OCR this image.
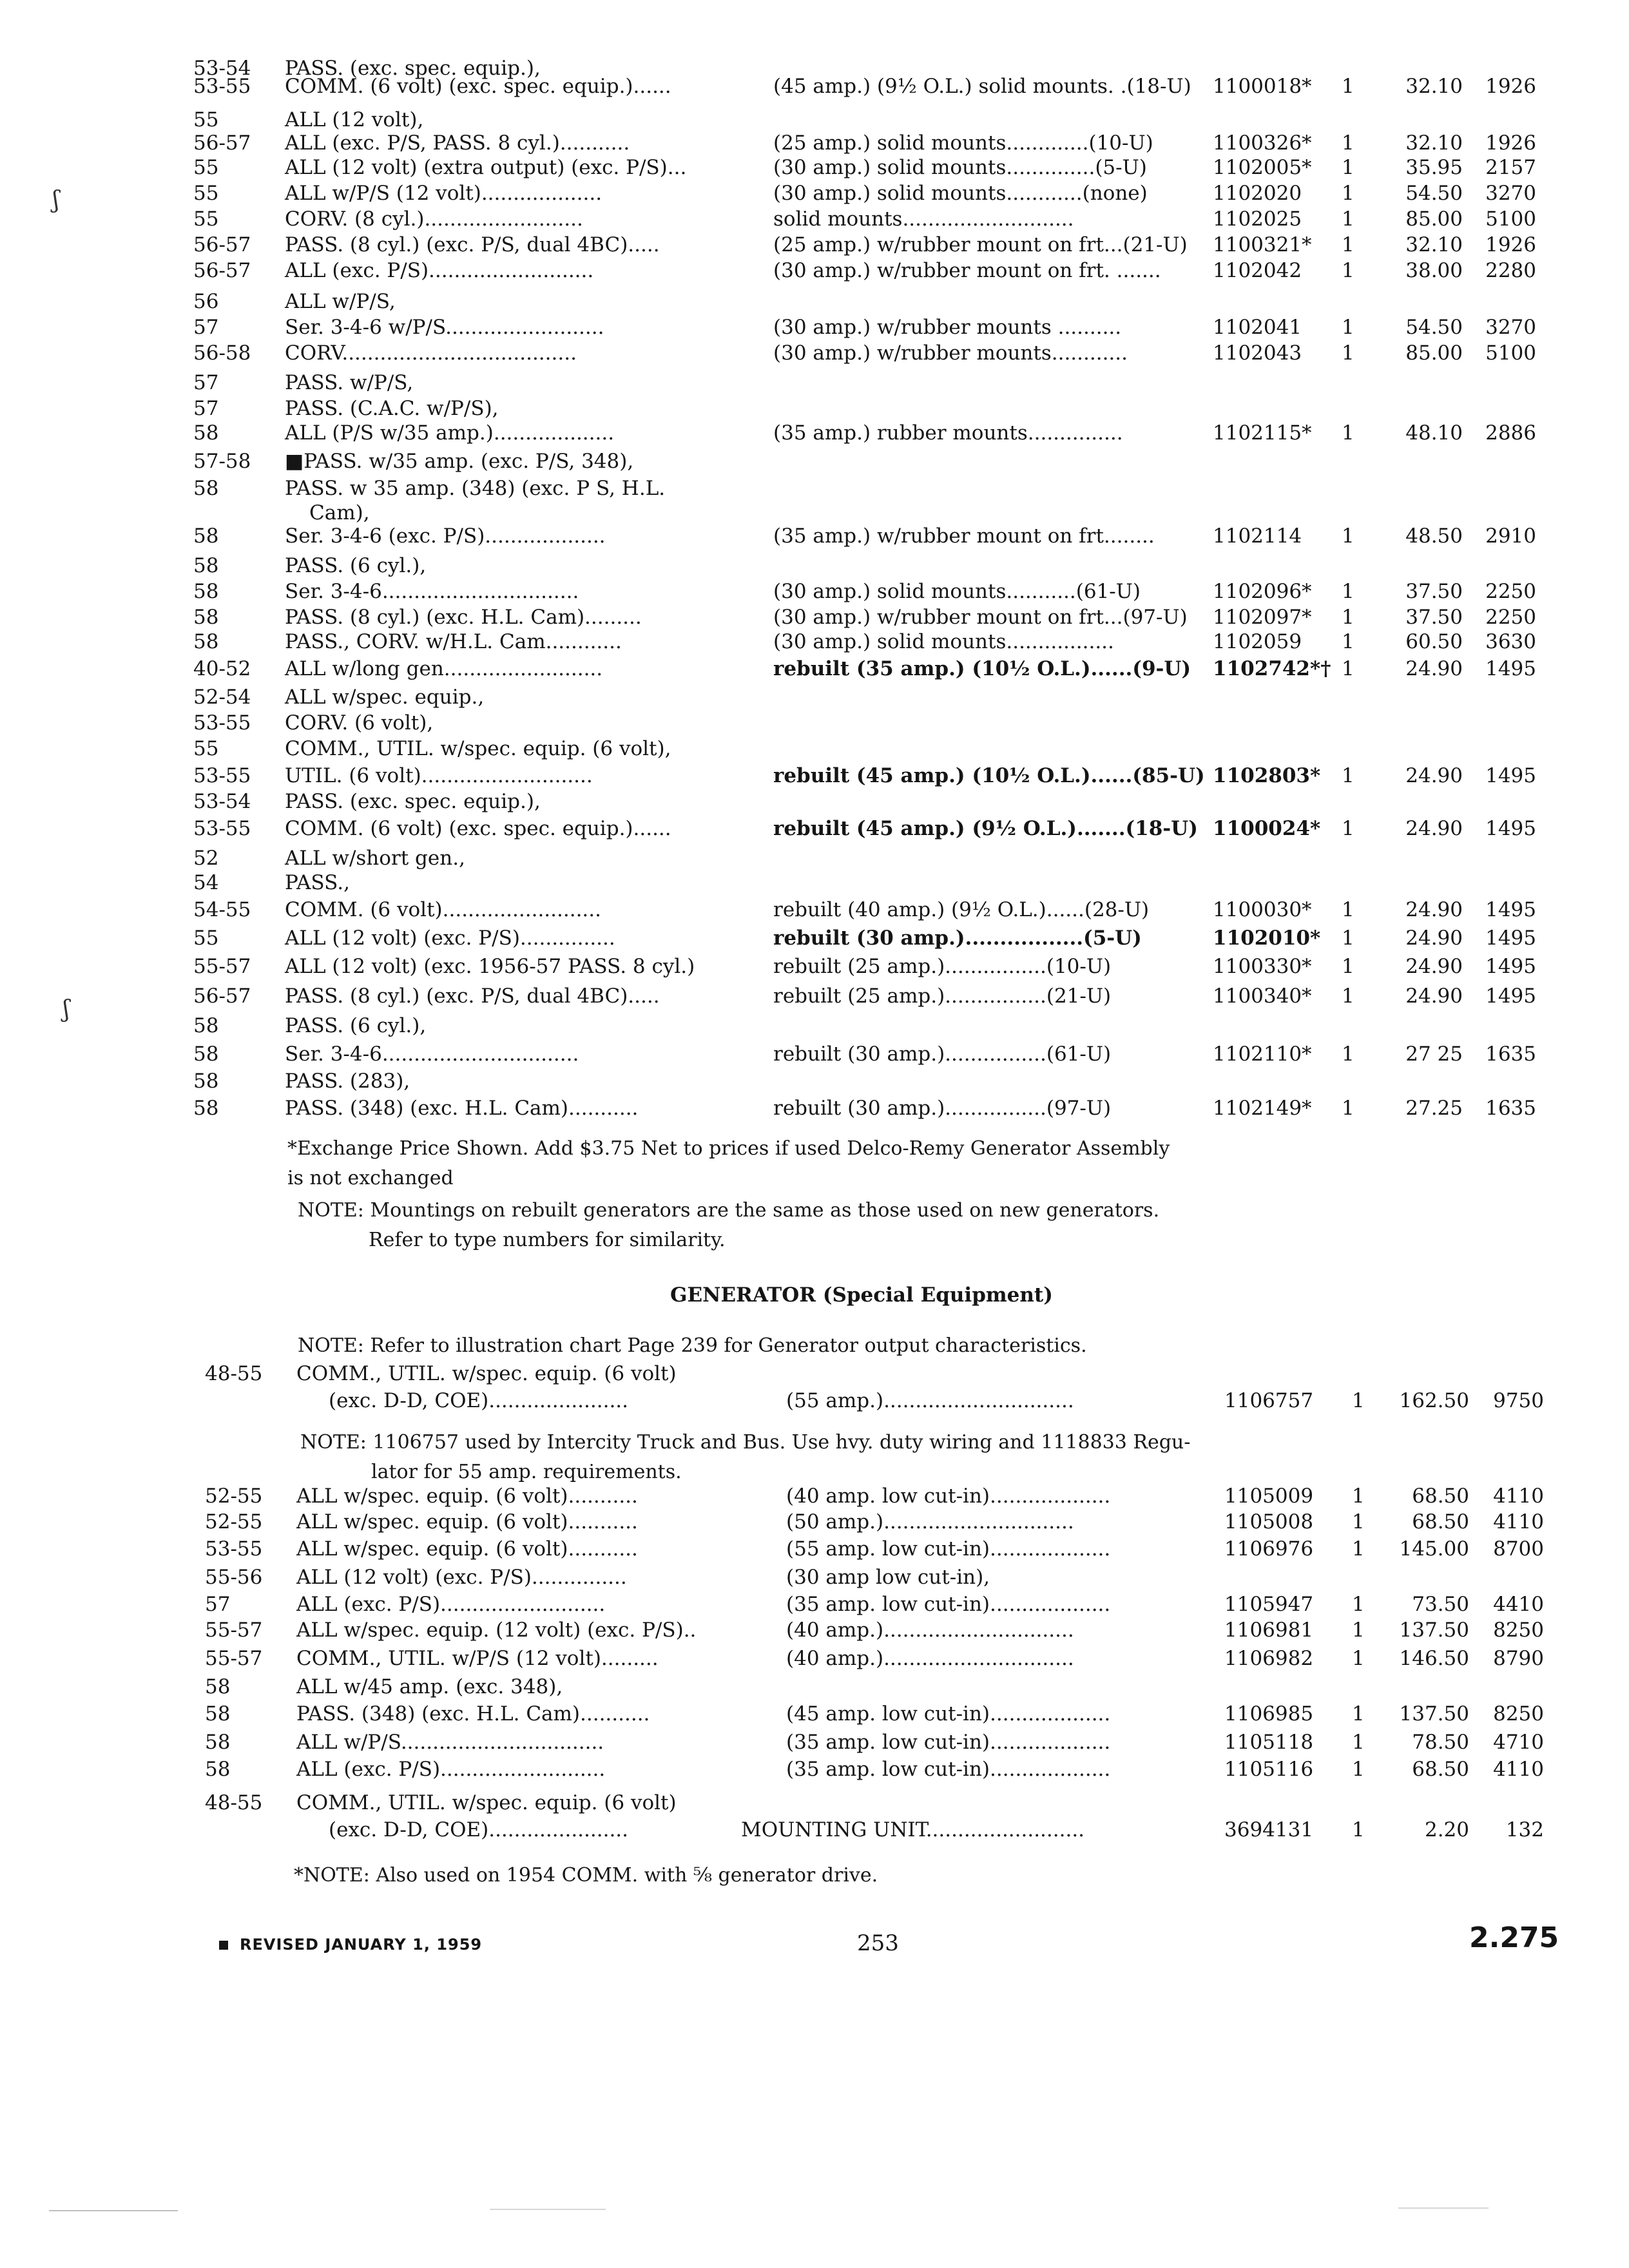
53-54 PASS. (exc. spec. equip.),
53-55 COMM. (6 volt) (exc. spec. equip.)......	(45 amp.) (9½ O.L.) solid mounts. .(18-U) 1100018* 1	32.10	1926
55	ALL (12 volt),
56-57 ALL (exc. P/S, PASS. 8 cyl.)...........	(25 amp.) solid mounts.............(10-U)	1100326* 1	32.10	1926
55	ALL (12 volt) (extra output) (exc. P/S)...	(30 amp.) solid mounts..............(5-U)	1102005* 1	35.95	2157
55	ALL w/P/S (12 volt)...................	(30 amp.) solid mounts............(none)	1102020 1	54.50	3270
55	CORV. (8 cyl.).........................	solid mounts...........................	1102025 1	85.00	5100
56-57 PASS. (8 cyl.) (exc. P/S, dual 4BC).....	(25 amp.) w/rubber mount on frt...(21-U) 1100321* 1	32.10	1926
56-57 ALL (exc. P/S)..........................	(30 amp.) w/rubber mount on frt. .......	1102042 1	38.00	2280
56	ALL w/P/S,
57	Ser. 3-4-6 w/P/S.........................	(30 amp.) w/rubber mounts ..........	1102041 1	54.50	3270
56-58 CORV.....................................	(30 amp.) w/rubber mounts............	1102043 1	85.00	5100
57	PASS. w/P/S,
57	PASS. (C.A.C. w/P/S),
58	ALL (P/S w/35 amp.)...................	(35 amp.) rubber mounts...............	1102115* 1	48.10	2886
57-58 ■PASS. w/35 amp. (exc. P/S, 348),
58	PASS. w 35 amp. (348) (exc. P S, H.L.
Cam),
58	Ser. 3-4-6 (exc. P/S)...................	(35 amp.) w/rubber mount on frt........	1102114 1	48.50	2910
58	PASS. (6 cyl.),
58	Ser. 3-4-6...............................	(30 amp.) solid mounts...........(61-U)	1102096* 1	37.50	2250
58	PASS. (8 cyl.) (exc. H.L. Cam).........	(30 amp.) w/rubber mount on frt...(97-U) 1102097* 1	37.50	2250
58	PASS., CORV. w/H.L. Cam............	(30 amp.) solid mounts.................	1102059 1	60.50	3630
40-52 ALL w/long gen.........................	rebuilt (35 amp.) (10½ O.L.)......(9-U) 1102742*† 1	24.90	1495
52-54 ALL w/spec. equip.,
53-55 CORV. (6 volt),
55	COMM., UTIL. w/spec. equip. (6 volt),
53-55 UTIL. (6 volt)...........................	rebuilt (45 amp.) (10½ O.L.)......(85-U) 1102803* 1	24.90	1495
53-54 PASS. (exc. spec. equip.),
53-55 COMM. (6 volt) (exc. spec. equip.)......	rebuilt (45 amp.) (9½ O.L.).......(18-U) 1100024* 1	24.90	1495
52	ALL w/short gen.,
54	PASS.,
54-55 COMM. (6 volt).........................	rebuilt (40 amp.) (9½ O.L.)......(28-U)	1100030* 1	24.90	1495
55	ALL (12 volt) (exc. P/S)...............	rebuilt (30 amp.).................(5-U)	1102010* 1	24.90	1495
55-57 ALL (12 volt) (exc. 1956-57 PASS. 8 cyl.)	rebuilt (25 amp.)................(10-U)	1100330* 1	24.90	1495
56-57 PASS. (8 cyl.) (exc. P/S, dual 4BC).....	rebuilt (25 amp.)................(21-U)	1100340* 1	24.90	1495
58	PASS. (6 cyl.),
58	Ser. 3-4-6...............................	rebuilt (30 amp.)................(61-U)	1102110* 1	27 25	1635
58	PASS. (283),
58	PASS. (348) (exc. H.L. Cam)...........	rebuilt (30 amp.)................(97-U)	1102149* 1	27.25	1635
*Exchange Price Shown. Add $3.75 Net to prices if used Delco-Remy Generator Assembly
is not exchanged
NOTE: Mountings on rebuilt generators are the same as those used on new generators.
Refer to type numbers for similarity.
GENERATOR (Special Equipment)
NOTE: Refer to illustration chart Page 239 for Generator output characteristics.
48-55 COMM., UTIL. w/spec. equip. (6 volt)
(exc. D-D, COE)......................	(55 amp.)..............................	1106757 1 162.50	9750
52-55 ALL w/spec. equip. (6 volt)...........	(40 amp. low cut-in)...................	1105009 1	68.50	4110
52-55 ALL w/spec. equip. (6 volt)...........	(50 amp.)..............................	1105008 1	68.50	4110
53-55 ALL w/spec. equip. (6 volt)...........	(55 amp. low cut-in)...................	1106976 1 145.00	8700
55-56 ALL (12 volt) (exc. P/S)...............	(30 amp low cut-in),
57	ALL (exc. P/S)..........................	(35 amp. low cut-in)...................	1105947 1	73.50	4410
55-57 ALL w/spec. equip. (12 volt) (exc. P/S)..	(40 amp.)..............................	1106981 1 137.50	8250
55-57 COMM., UTIL. w/P/S (12 volt).........	(40 amp.)..............................	1106982 1 146.50	8790
58	ALL w/45 amp. (exc. 348),
58	PASS. (348) (exc. H.L. Cam)...........	(45 amp. low cut-in)...................	1106985 1 137.50	8250
58	ALL w/P/S................................	(35 amp. low cut-in)...................	1105118 1	78.50	4710
58	ALL (exc. P/S)..........................	(35 amp. low cut-in)...................	1105116 1	68.50	4110
48-55 COMM., UTIL. w/spec. equip. (6 volt)
(exc. D-D, COE)......................	MOUNTING UNIT.........................	3694131 1	2.20	132
NOTE: 1106757 used by Intercity Truck and Bus. Use hvy. duty wiring and 1118833 Regu-
lator for 55 amp. requirements.
*NOTE: Also used on 1954 COMM. with ⅝ generator drive.
REVISED JANUARY 1, 1959	253	2.275
ʃ
ʃ
